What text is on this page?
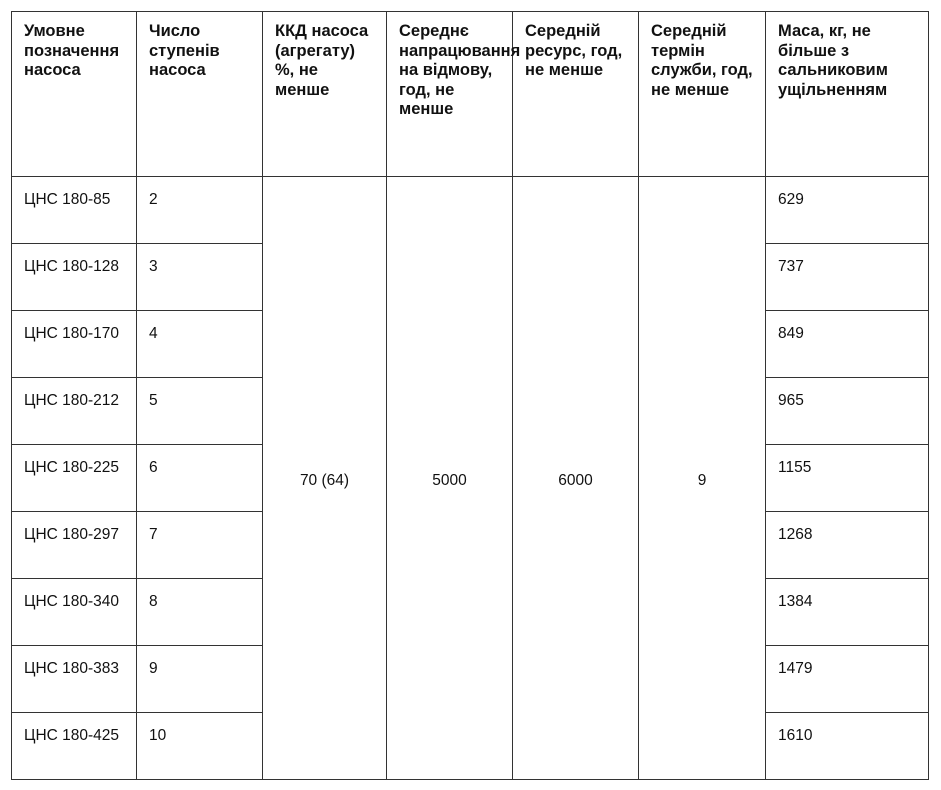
Умовне позначення насоса	Число ступенів насоса	ККД насоса (агрегату) %, не менше	Середнє напрацювання на відмову, год, не менше	Середній ресурс, год, не менше	Середній термін служби, год, не менше	Маса, кг, не більше з сальниковим ущільненням
ЦНС 180-85	2	70 (64)	5000	6000	9	629
ЦНС 180-128	3					737
ЦНС 180-170	4					849
ЦНС 180-212	5					965
ЦНС 180-225	6					1155
ЦНС 180-297	7					1268
ЦНС 180-340	8					1384
ЦНС 180-383	9					1479
ЦНС 180-425	10					1610
